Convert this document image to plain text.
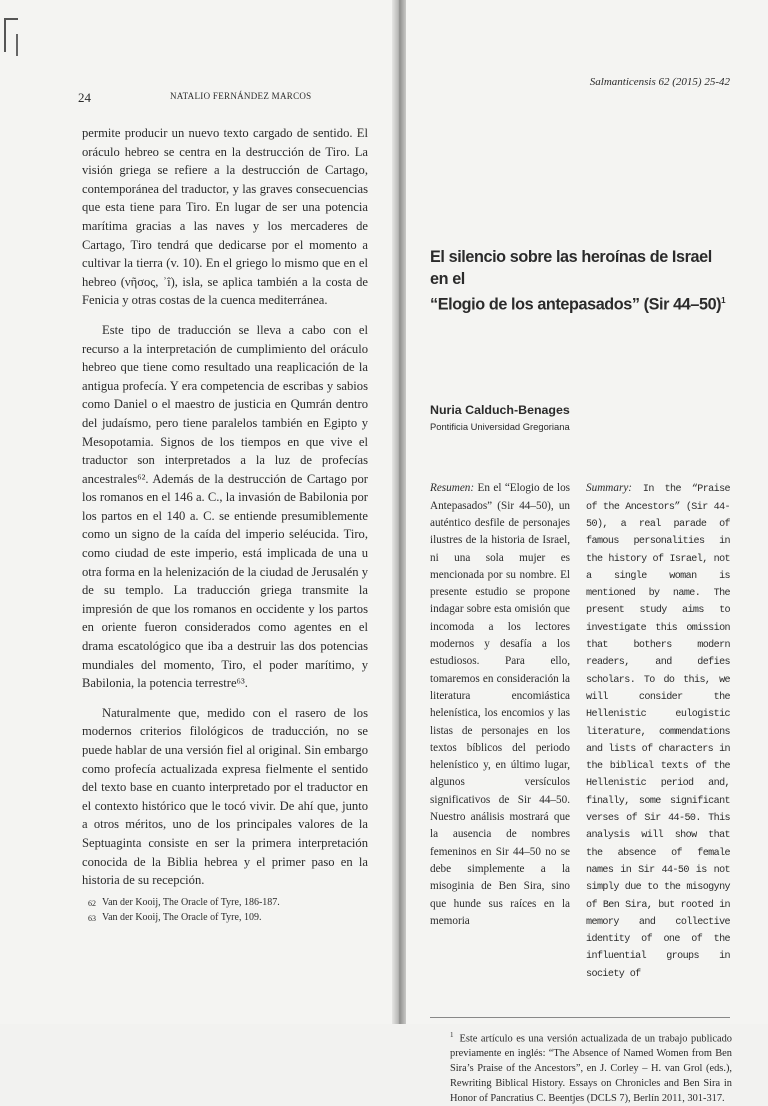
24	NATALIO FERNÁNDEZ MARCOS

permite producir un nuevo texto cargado de sentido. El oráculo hebreo se centra en la destrucción de Tiro. La visión griega se refiere a la destrucción de Cartago, contemporánea del traductor, y las graves consecuencias que esta tiene para Tiro. En lugar de ser una potencia marítima gracias a las naves y los mercaderes de Cartago, Tiro tendrá que dedicarse por el momento a cultivar la tierra (v. 10). En el griego lo mismo que en el hebreo (νῆσος, ʾî), isla, se aplica también a la costa de Fenicia y otras costas de la cuenca mediterránea.

Este tipo de traducción se lleva a cabo con el recurso a la interpretación de cumplimiento del oráculo hebreo que tiene como resultado una reaplicación de la antigua profecía. Y era competencia de escribas y sabios como Daniel o el maestro de justicia en Qumrán dentro del judaísmo, pero tiene paralelos también en Egipto y Mesopotamia. Signos de los tiempos en que vive el traductor son interpretados a la luz de profecías ancestrales⁶². Además de la destrucción de Cartago por los romanos en el 146 a. C., la invasión de Babilonia por los partos en el 140 a. C. se entiende presumiblemente como un signo de la caída del imperio seléucida. Tiro, como ciudad de este imperio, está implicada de una u otra forma en la helenización de la ciudad de Jerusalén y de su templo. La traducción griega transmite la impresión de que los romanos en occidente y los partos en oriente fueron considerados como agentes en el drama escatológico que iba a destruir las dos potencias mundiales del momento, Tiro, el poder marítimo, y Babilonia, la potencia terrestre⁶³.

Naturalmente que, medido con el rasero de los modernos criterios filológicos de traducción, no se puede hablar de una versión fiel al original. Sin embargo como profecía actualizada expresa fielmente el sentido del texto base en cuanto interpretado por el traductor en el contexto histórico que le tocó vivir. De ahí que, junto a otros méritos, uno de los principales valores de la Septuaginta consiste en ser la primera interpretación conocida de la Biblia hebrea y el primer paso en la historia de su recepción.

62 Van der Kooij, The Oracle of Tyre, 186-187.
63 Van der Kooij, The Oracle of Tyre, 109.
Salmanticensis 62 (2015) 25-42
El silencio sobre las heroínas de Israel en el
“Elogio de los antepasados” (Sir 44–50)$^1$
Nuria Calduch-Benages
Pontificia Universidad Gregoriana
Resumen: En el “Elogio de los Antepasados” (Sir 44–50), un auténtico desfile de personajes ilustres de la historia de Israel, ni una sola mujer es mencionada por su nombre. El presente estudio se propone indagar sobre esta omisión que incomoda a los lectores modernos y desafía a los estudiosos. Para ello, tomaremos en consideración la literatura encomiástica helenística, los encomios y las listas de personajes en los textos bíblicos del periodo helenístico y, en último lugar, algunos versículos significativos de Sir 44–50. Nuestro análisis mostrará que la ausencia de nombres femeninos en Sir 44–50 no se debe simplemente a la misoginia de Ben Sira, sino que hunde sus raíces en la memoria
Summary: In the “Praise of the Ancestors” (Sir 44-50), a real parade of famous personalities in the history of Israel, not a single woman is mentioned by name. The present study aims to investigate this omission that bothers modern readers, and defies scholars. To do this, we will consider the Hellenistic eulogistic literature, commendations and lists of characters in the biblical texts of the Hellenistic period and, finally, some significant verses of Sir 44-50. This analysis will show that the absence of female names in Sir 44-50 is not simply due to the misogyny of Ben Sira, but rooted in memory and collective identity of one of the influential groups in society of
$^1$ Este artículo es una versión actualizada de un trabajo publicado previamente en inglés: “The Absence of Named Women from Ben Sira’s Praise of the Ancestors”, en J. Corley – H. van Grol (eds.), Rewriting Biblical History. Essays on Chronicles and Ben Sira in Honor of Pancratius C. Beentjes (DCLS 7), Berlín 2011, 301-317.
